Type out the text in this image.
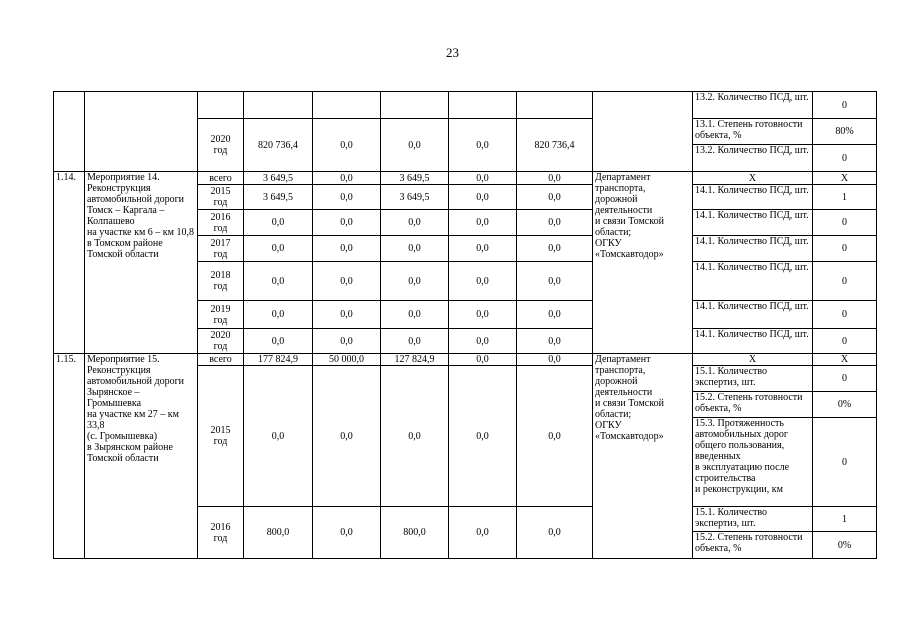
23
									13.2. Количество ПСД, шт.	0
		2020
год	820 736,4	0,0	0,0	0,0	820 736,4		13.1. Степень готовности объекта, %	80%
									13.2. Количество ПСД, шт.	0
1.14.	Мероприятие 14.
Реконструкция автомобильной дороги Томск – Каргала – Колпашево
на участке км 6 – км 10,8 в Томском районе Томской области	всего	3 649,5	0,0	3 649,5	0,0	0,0	Департамент транспорта, дорожной деятельности
и связи Томской области;
ОГКУ «Томскавтодор»	Х	Х
		2015
год	3 649,5	0,0	3 649,5	0,0	0,0		14.1. Количество ПСД, шт.	1
		2016
год	0,0	0,0	0,0	0,0	0,0		14.1. Количество ПСД, шт.	0
		2017
год	0,0	0,0	0,0	0,0	0,0		14.1. Количество ПСД, шт.	0
		2018
год	0,0	0,0	0,0	0,0	0,0		14.1. Количество ПСД, шт.	0
		2019
год	0,0	0,0	0,0	0,0	0,0		14.1. Количество ПСД, шт.	0
		2020
год	0,0	0,0	0,0	0,0	0,0		14.1. Количество ПСД, шт.	0
1.15.	Мероприятие 15.
Реконструкция автомобильной дороги Зырянское – Громышевка
на участке км 27 – км 33,8
(с. Громышевка)
в Зырянском районе Томской области	всего	177 824,9	50 000,0	127 824,9	0,0	0,0	Департамент транспорта, дорожной деятельности
и связи Томской области;
ОГКУ «Томскавтодор»	Х	Х
		2015
год	0,0	0,0	0,0	0,0	0,0		15.1. Количество экспертиз, шт.	0
									15.2. Степень готовности объекта, %	0%
									15.3. Протяженность автомобильных дорог общего пользования, введенных
в эксплуатацию после строительства
и реконструкции, км	0
		2016
год	800,0	0,0	800,0	0,0	0,0		15.1. Количество экспертиз, шт.	1
									15.2. Степень готовности объекта, %	0%
